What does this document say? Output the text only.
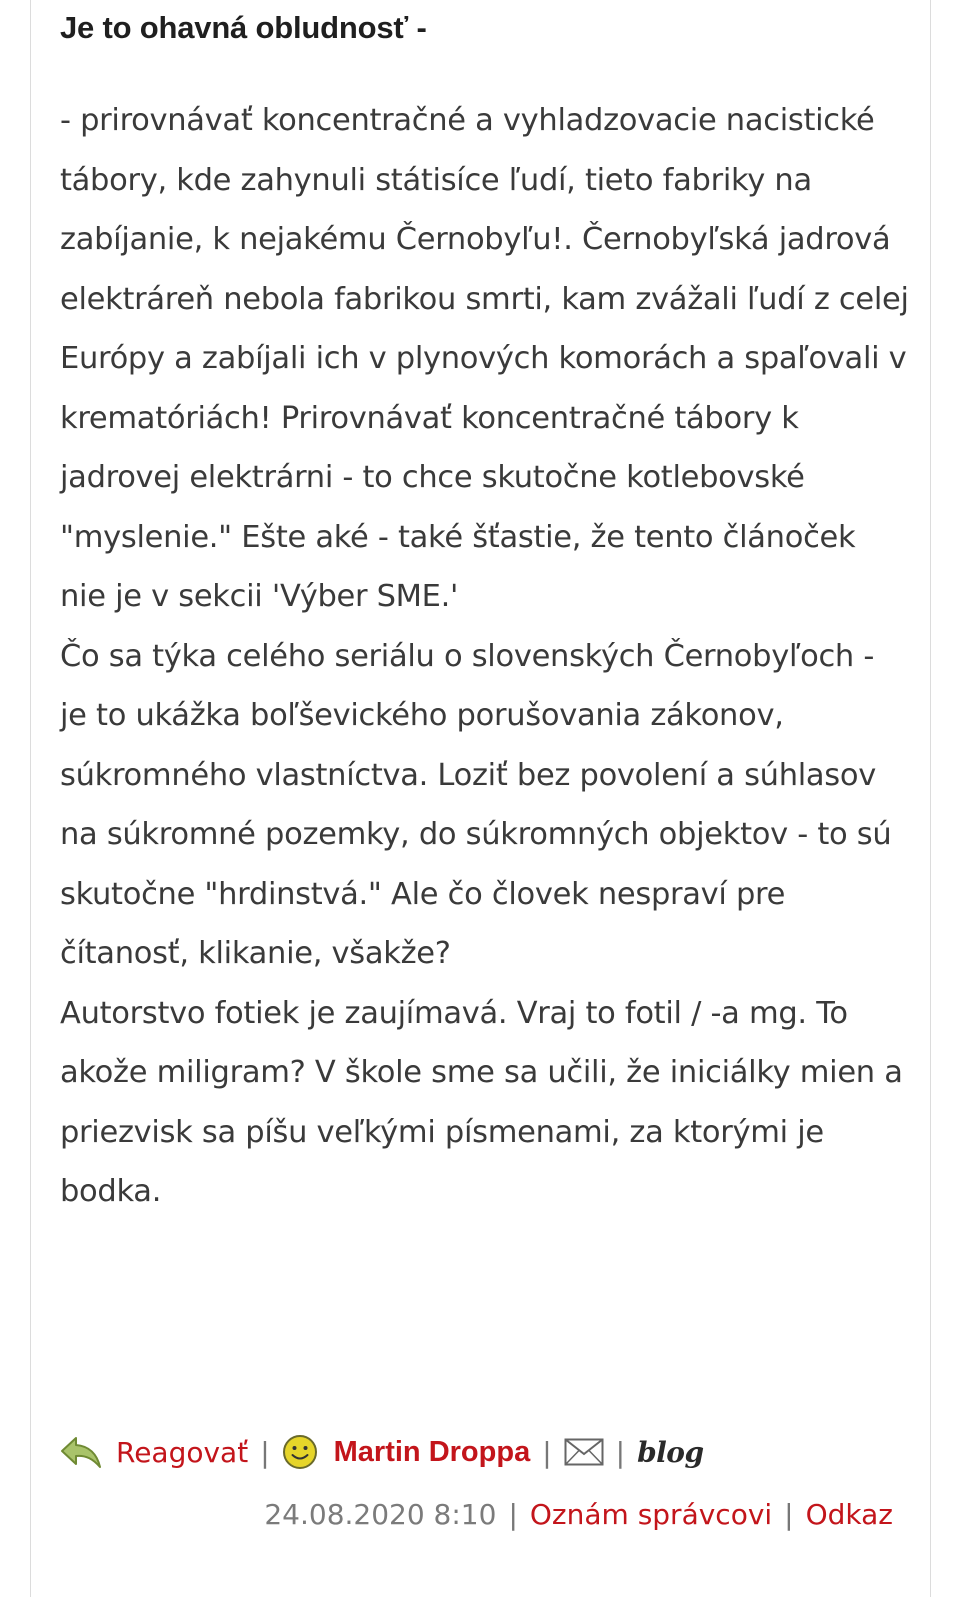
Je to ohavná obludnosť -
- prirovnávať koncentračné a vyhladzovacie nacistické tábory, kde zahynuli státisíce ľudí, tieto fabriky na zabíjanie, k nejakému Černobyľu!. Černobyľská jadrová elektráreň nebola fabrikou smrti, kam zvážali ľudí z celej Európy a zabíjali ich v plynových komorách a spaľovali v krematóriách! Prirovnávať koncentračné tábory k jadrovej elektrárni - to chce skutočne kotlebovské "myslenie." Ešte aké - také šťastie, že tento článoček nie je v sekcii 'Výber SME.'
Čo sa týka celého seriálu o slovenských Černobyľoch - je to ukážka boľševického porušovania zákonov, súkromného vlastníctva. Loziť bez povolení a súhlasov na súkromné pozemky, do súkromných objektov - to sú skutočne "hrdinstvá." Ale čo človek nespraví pre čítanosť, klikanie, všakže?
Autorstvo fotiek je zaujímavá. Vraj to fotil / -a mg. To akože miligram? V škole sme sa učili, že iniciálky mien a priezvisk sa píšu veľkými písmenami, za ktorými je bodka.
Reagovať | Martin Droppa | | blog
24.08.2020 8:10 | Oznám správcovi | Odkaz
